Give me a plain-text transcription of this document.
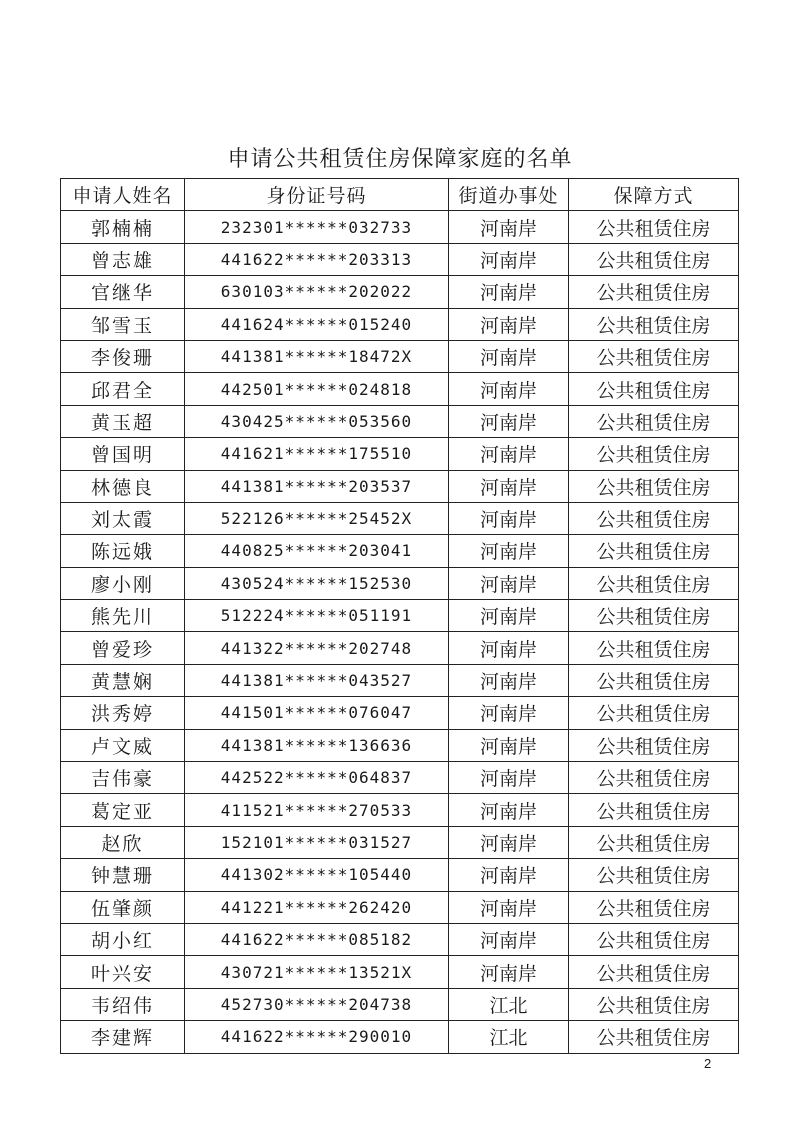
申请公共租赁住房保障家庭的名单
申请人姓名	身份证号码	街道办事处	保障方式
郭楠楠	232301******032733	河南岸	公共租赁住房
曾志雄	441622******203313	河南岸	公共租赁住房
官继华	630103******202022	河南岸	公共租赁住房
邹雪玉	441624******015240	河南岸	公共租赁住房
李俊珊	441381******18472X	河南岸	公共租赁住房
邱君全	442501******024818	河南岸	公共租赁住房
黄玉超	430425******053560	河南岸	公共租赁住房
曾国明	441621******175510	河南岸	公共租赁住房
林德良	441381******203537	河南岸	公共租赁住房
刘太霞	522126******25452X	河南岸	公共租赁住房
陈远娥	440825******203041	河南岸	公共租赁住房
廖小刚	430524******152530	河南岸	公共租赁住房
熊先川	512224******051191	河南岸	公共租赁住房
曾爱珍	441322******202748	河南岸	公共租赁住房
黄慧娴	441381******043527	河南岸	公共租赁住房
洪秀婷	441501******076047	河南岸	公共租赁住房
卢文威	441381******136636	河南岸	公共租赁住房
吉伟豪	442522******064837	河南岸	公共租赁住房
葛定亚	411521******270533	河南岸	公共租赁住房
赵欣	152101******031527	河南岸	公共租赁住房
钟慧珊	441302******105440	河南岸	公共租赁住房
伍肇颜	441221******262420	河南岸	公共租赁住房
胡小红	441622******085182	河南岸	公共租赁住房
叶兴安	430721******13521X	河南岸	公共租赁住房
韦绍伟	452730******204738	江北	公共租赁住房
李建辉	441622******290010	江北	公共租赁住房
2
